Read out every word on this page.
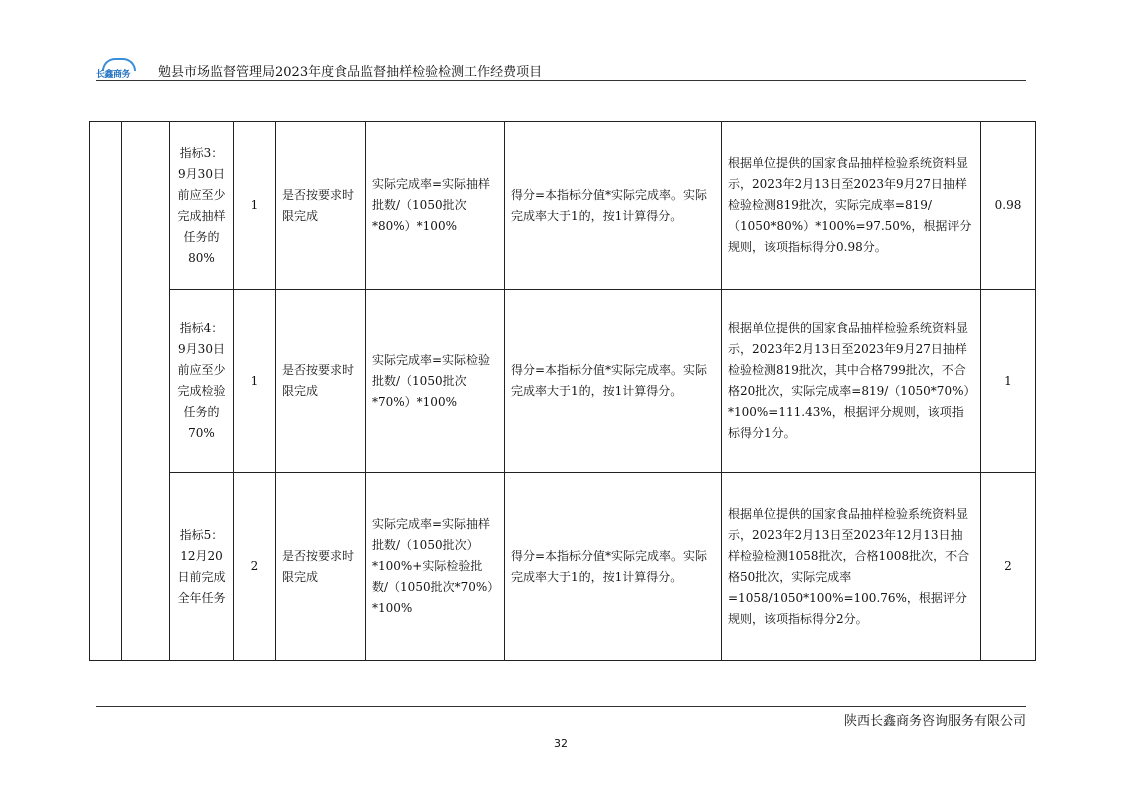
长鑫商务 勉县市场监督管理局2023年度食品监督抽样检验检测工作经费项目
		指标3：9月30日前应至少完成抽样任务的80%	1	是否按要求时限完成	实际完成率=实际抽样批数/（1050批次*80%）*100%	得分=本指标分值*实际完成率。实际完成率大于1的，按1计算得分。	根据单位提供的国家食品抽样检验系统资料显示，2023年2月13日至2023年9月27日抽样检验检测819批次，实际完成率=819/（1050*80%）*100%=97.50%，根据评分规则，该项指标得分0.98分。	0.98
		指标4：9月30日前应至少完成检验任务的70%	1	是否按要求时限完成	实际完成率=实际检验批数/（1050批次*70%）*100%	得分=本指标分值*实际完成率。实际完成率大于1的，按1计算得分。	根据单位提供的国家食品抽样检验系统资料显示，2023年2月13日至2023年9月27日抽样检验检测819批次，其中合格799批次，不合格20批次，实际完成率=819/（1050*70%）*100%=111.43%，根据评分规则，该项指标得分1分。	1
		指标5：12月20日前完成全年任务	2	是否按要求时限完成	实际完成率=实际抽样批数/（1050批次）*100%+实际检验批数/（1050批次*70%）*100%	得分=本指标分值*实际完成率。实际完成率大于1的，按1计算得分。	根据单位提供的国家食品抽样检验系统资料显示，2023年2月13日至2023年12月13日抽样检验检测1058批次，合格1008批次，不合格50批次，实际完成率=1058/1050*100%=100.76%，根据评分规则，该项指标得分2分。	2
陕西长鑫商务咨询服务有限公司
32
